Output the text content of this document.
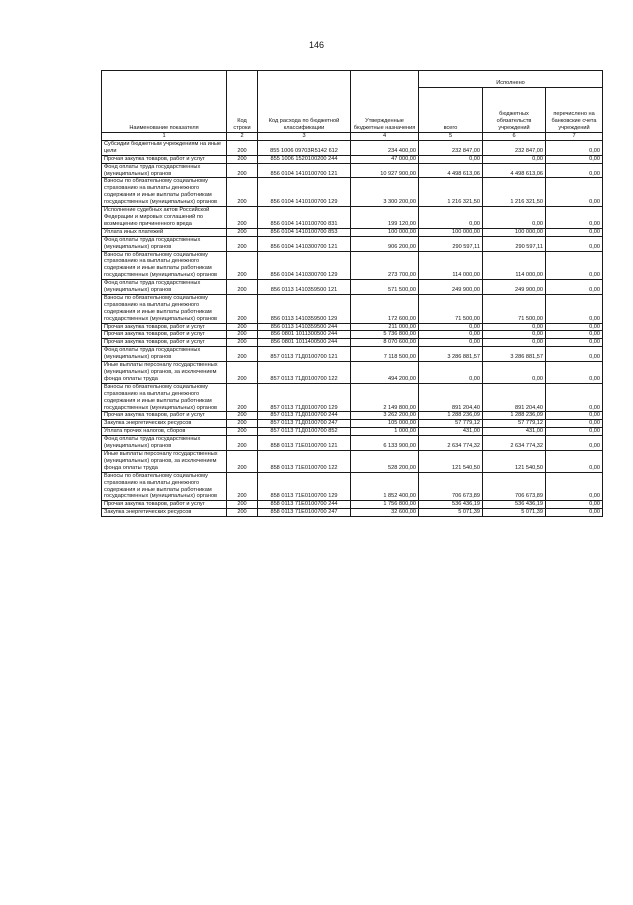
146
Наименование показателя	Код строки	Код расхода по бюджетной классификации	Утвержденные бюджетные назначения	Исполнено		
				всего	бюджетных обязательств учреждений	перечислено на банковские счета учреждений
1	2	3	4	5	6	7
Субсидии бюджетным учреждениям на иные цели	200	855 1006 09703R5142 612	234 400,00	232 847,00	232 847,00	0,00
Прочая закупка товаров, работ и услуг	200	855 1006 1520100200 244	47 000,00	0,00	0,00	0,00
Фонд оплаты труда государственных (муниципальных) органов	200	856 0104 1410100700 121	10 927 900,00	4 498 613,06	4 498 613,06	0,00
Взносы по обязательному социальному страхованию на выплаты денежного содержания и иные выплаты работникам государственных (муниципальных) органов	200	856 0104 1410100700 129	3 300 200,00	1 216 321,50	1 216 321,50	0,00
Исполнение судебных актов Российской Федерации и мировых соглашений по возмещению причиненного вреда	200	856 0104 1410100700 831	199 120,00	0,00	0,00	0,00
Уплата иных платежей	200	856 0104 1410100700 853	100 000,00	100 000,00	100 000,00	0,00
Фонд оплаты труда государственных (муниципальных) органов	200	856 0104 1410300700 121	906 200,00	290 597,11	290 597,11	0,00
Взносы по обязательному социальному страхованию на выплаты денежного содержания и иные выплаты работникам государственных (муниципальных) органов	200	856 0104 1410300700 129	273 700,00	114 000,00	114 000,00	0,00
Фонд оплаты труда государственных (муниципальных) органов	200	856 0113 1410359500 121	571 500,00	249 900,00	249 900,00	0,00
Взносы по обязательному социальному страхованию на выплаты денежного содержания и иные выплаты работникам государственных (муниципальных) органов	200	856 0113 1410359500 129	172 600,00	71 500,00	71 500,00	0,00
Прочая закупка товаров, работ и услуг	200	856 0113 1410359500 244	211 000,00	0,00	0,00	0,00
Прочая закупка товаров, работ и услуг	200	856 0801 1011300500 244	5 736 800,00	0,00	0,00	0,00
Прочая закупка товаров, работ и услуг	200	856 0801 1011400500 244	8 070 600,00	0,00	0,00	0,00
Фонд оплаты труда государственных (муниципальных) органов	200	857 0113 71Д0100700 121	7 118 500,00	3 286 881,57	3 286 881,57	0,00
Иные выплаты персоналу государственных (муниципальных) органов, за исключением фонда оплаты труда	200	857 0113 71Д0100700 122	494 200,00	0,00	0,00	0,00
Взносы по обязательному социальному страхованию на выплаты денежного содержания и иные выплаты работникам государственных (муниципальных) органов	200	857 0113 71Д0100700 129	2 149 800,00	891 204,40	891 204,40	0,00
Прочая закупка товаров, работ и услуг	200	857 0113 71Д0100700 244	3 262 200,00	1 288 236,09	1 288 236,09	0,00
Закупка энергетических ресурсов	200	857 0113 71Д0100700 247	105 000,00	57 779,12	57 779,12	0,00
Уплата прочих налогов, сборов	200	857 0113 71Д0100700 852	1 000,00	431,00	431,00	0,00
Фонд оплаты труда государственных (муниципальных) органов	200	858 0113 71Е0100700 121	6 133 900,00	2 634 774,32	2 634 774,32	0,00
Иные выплаты персоналу государственных (муниципальных) органов, за исключением фонда оплаты труда	200	858 0113 71Е0100700 122	528 200,00	121 540,50	121 540,50	0,00
Взносы по обязательному социальному страхованию на выплаты денежного содержания и иные выплаты работникам государственных (муниципальных) органов	200	858 0113 71Е0100700 129	1 852 400,00	706 673,89	706 673,89	0,00
Прочая закупка товаров, работ и услуг	200	858 0113 71Е0100700 244	1 756 800,00	536 436,19	536 436,19	0,00
Закупка энергетических ресурсов	200	858 0113 71Е0100700 247	32 600,00	5 071,39	5 071,39	0,00
